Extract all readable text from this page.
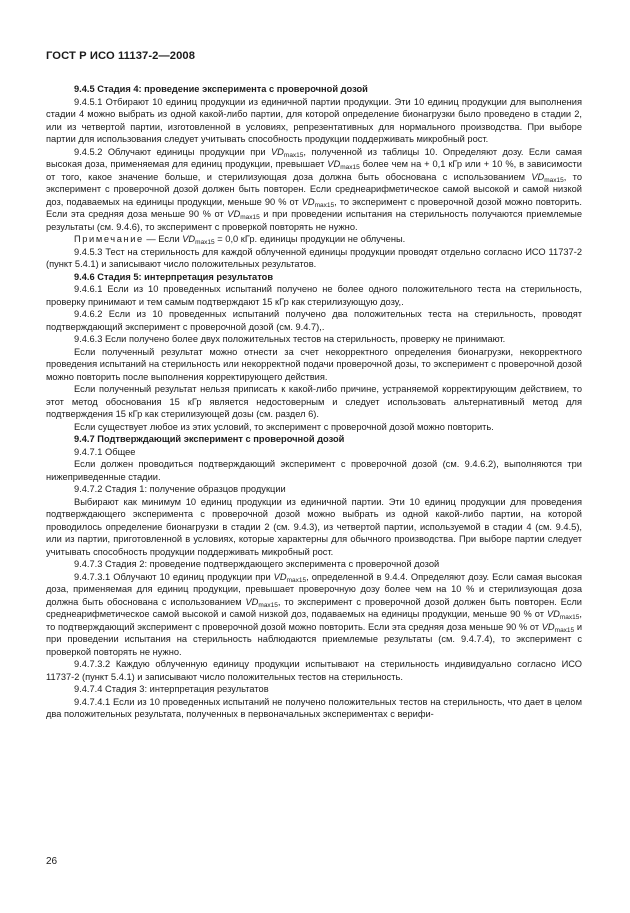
ГОСТ Р ИСО 11137-2—2008

9.4.5 Стадия 4: проведение эксперимента с проверочной дозой

9.4.5.1 Отбирают 10 единиц продукции из единичной партии продукции. Эти 10 единиц продукции для выполнения стадии 4 можно выбрать из одной какой-либо партии, для которой определение бионагрузки было проведено в стадии 2, или из четвертой партии, изготовленной в условиях, репрезентативных для нормального производства. При выборе партии для использования следует учитывать способность продукции поддерживать микробный рост.

9.4.5.2 Облучают единицы продукции при $VD_{max15}$, полученной из таблицы 10. Определяют дозу. Если самая высокая доза, применяемая для единиц продукции, превышает $VD_{max15}$ более чем на + 0,1 кГр или + 10 %, в зависимости от того, какое значение больше, и стерилизующая доза должна быть обоснована с использованием $VD_{max15}$, то эксперимент с проверочной дозой должен быть повторен. Если среднеарифметическое самой высокой и самой низкой доз, подаваемых на единицы продукции, меньше 90 % от $VD_{max15}$, то эксперимент с проверочной дозой можно повторить. Если эта средняя доза меньше 90 % от $VD_{max15}$ и при проведении испытания на стерильность получаются приемлемые результаты (см. 9.4.6), то эксперимент с проверкой повторять не нужно.

Примечание — Если $VD_{max15} = 0,0$ кГр. единицы продукции не облучены.

9.4.5.3 Тест на стерильность для каждой облученной единицы продукции проводят отдельно согласно ИСО 11737-2 (пункт 5.4.1) и записывают число положительных результатов.

9.4.6 Стадия 5: интерпретация результатов

9.4.6.1 Если из 10 проведенных испытаний получено не более одного положительного теста на стерильность, проверку принимают и тем самым подтверждают 15 кГр как стерилизующую дозу,.

9.4.6.2 Если из 10 проведенных испытаний получено два положительных теста на стерильность, проводят подтверждающий эксперимент с проверочной дозой (см. 9.4.7),.

9.4.6.3 Если получено более двух положительных тестов на стерильность, проверку не принимают.

Если полученный результат можно отнести за счет некорректного определения бионагрузки, некорректного проведения испытаний на стерильность или некорректной подачи проверочной дозы, то эксперимент с проверочной дозой можно повторить после выполнения корректирующего действия.

Если полученный результат нельзя приписать к какой-либо причине, устраняемой корректирующим действием, то этот метод обоснования 15 кГр является недостоверным и следует использовать альтернативный метод для подтверждения 15 кГр как стерилизующей дозы (см. раздел 6).

Если существует любое из этих условий, то эксперимент с проверочной дозой можно повторить.

9.4.7 Подтверждающий эксперимент с проверочной дозой

9.4.7.1 Общее

Если должен проводиться подтверждающий эксперимент с проверочной дозой (см. 9.4.6.2), выполняются три нижеприведенные стадии.

9.4.7.2 Стадия 1: получение образцов продукции

Выбирают как минимум 10 единиц продукции из единичной партии. Эти 10 единиц продукции для проведения подтверждающего эксперимента с проверочной дозой можно выбрать из одной какой-либо партии, на которой проводилось определение бионагрузки в стадии 2 (см. 9.4.3), из четвертой партии, используемой в стадии 4 (см. 9.4.5), или из партии, приготовленной в условиях, которые характерны для обычного производства. При выборе партии следует учитывать способность продукции поддерживать микробный рост.

9.4.7.3 Стадия 2: проведение подтверждающего эксперимента с проверочной дозой

9.4.7.3.1 Облучают 10 единиц продукции при $VD_{max15}$, определенной в 9.4.4. Определяют дозу. Если самая высокая доза, применяемая для единиц продукции, превышает проверочную дозу более чем на 10 % и стерилизующая доза должна быть обоснована с использованием $VD_{max15}$, то эксперимент с проверочной дозой должен быть повторен. Если среднеарифметическое самой высокой и самой низкой доз, подаваемых на единицы продукции, меньше 90 % от $VD_{max15}$, то подтверждающий эксперимент с проверочной дозой можно повторить. Если эта средняя доза меньше 90 % от $VD_{max15}$ и при проведении испытания на стерильность наблюдаются приемлемые результаты (см. 9.4.7.4), то эксперимент с проверкой повторять не нужно.

9.4.7.3.2 Каждую облученную единицу продукции испытывают на стерильность индивидуально согласно ИСО 11737-2 (пункт 5.4.1) и записывают число положительных тестов на стерильность.

9.4.7.4 Стадия 3: интерпретация результатов

9.4.7.4.1 Если из 10 проведенных испытаний не получено положительных тестов на стерильность, что дает в целом два положительных результата, полученных в первоначальных экспериментах с верифи-

26
